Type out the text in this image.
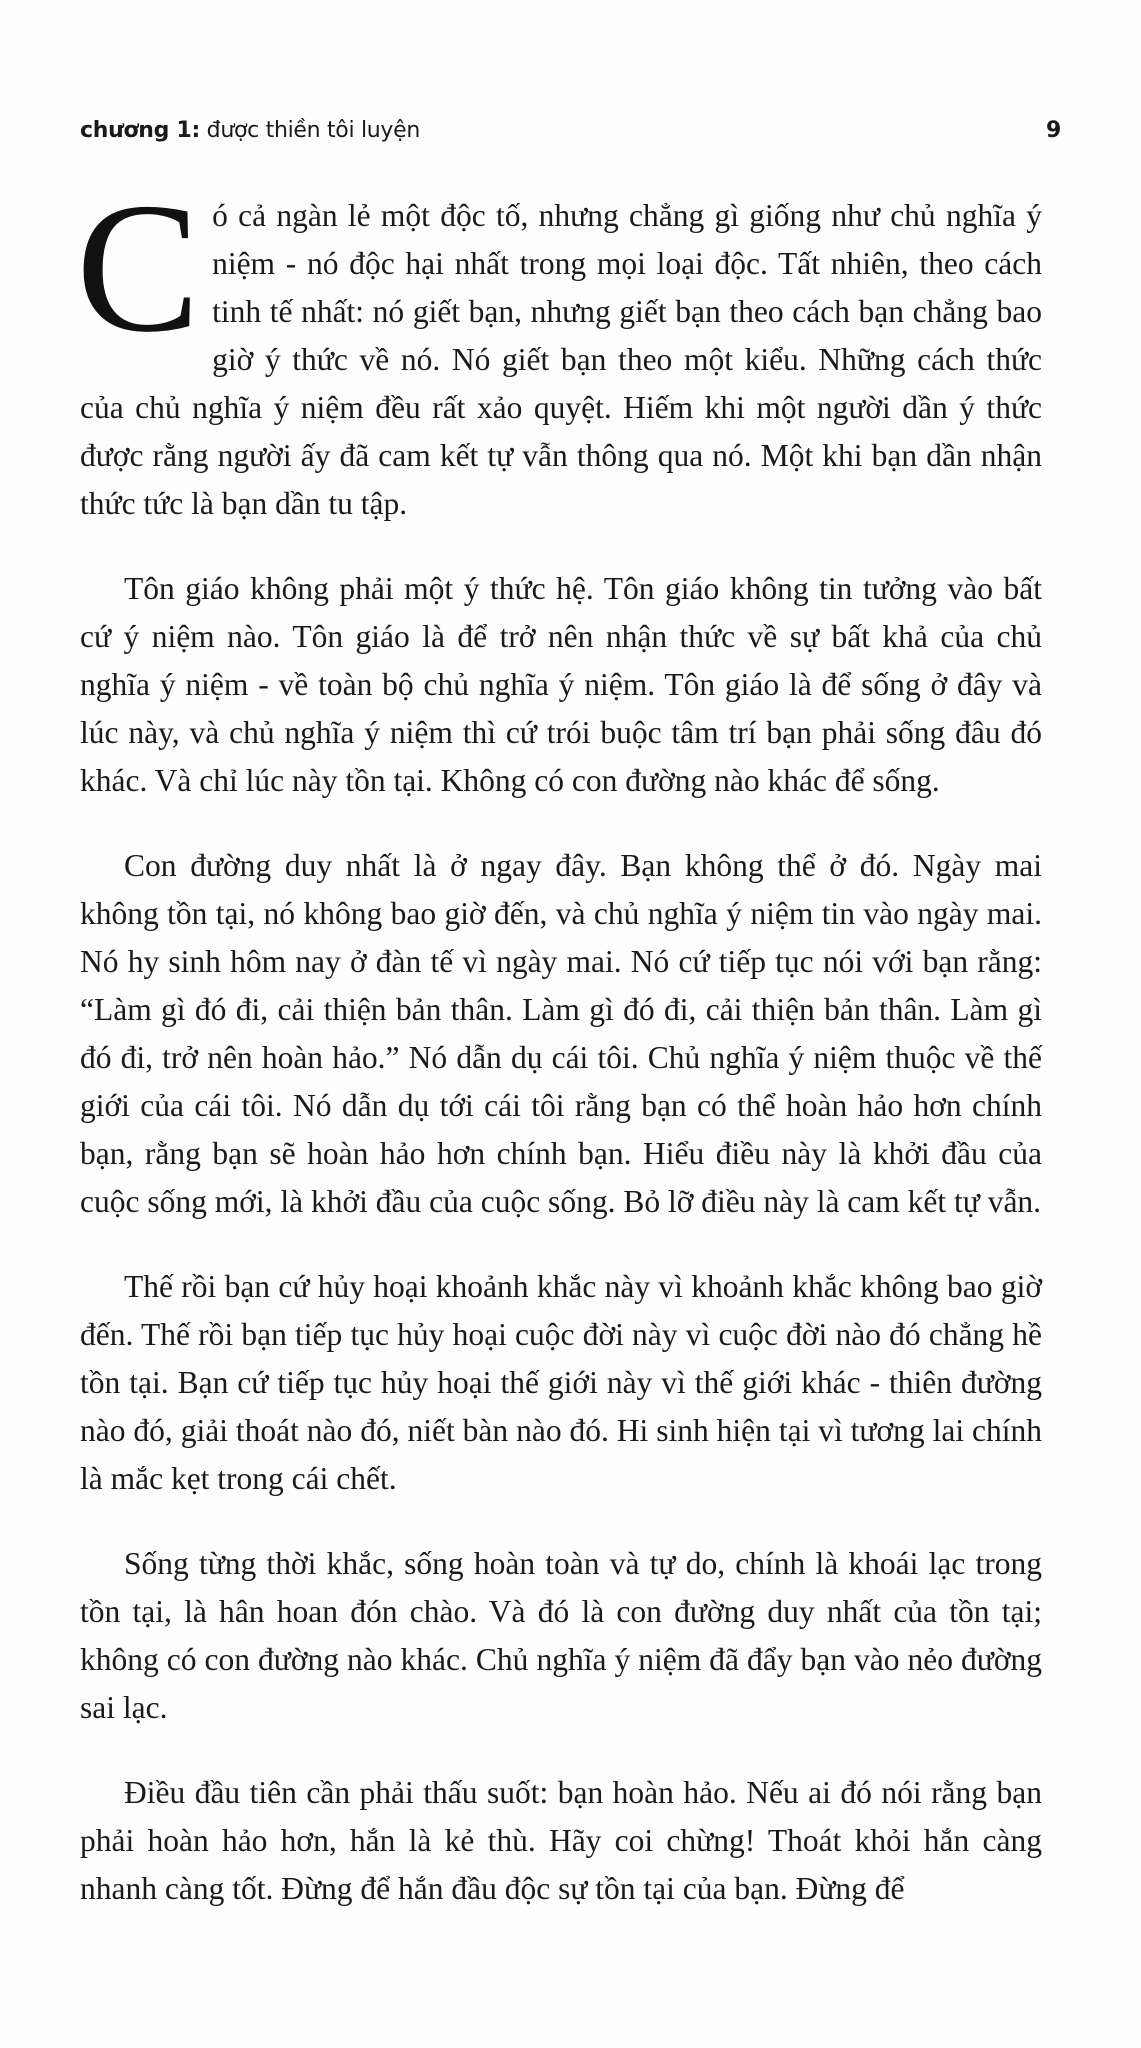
chương 1: được thiền tôi luyện	9

Có cả ngàn lẻ một độc tố, nhưng chẳng gì giống như chủ nghĩa ý niệm - nó độc hại nhất trong mọi loại độc. Tất nhiên, theo cách tinh tế nhất: nó giết bạn, nhưng giết bạn theo cách bạn chẳng bao giờ ý thức về nó. Nó giết bạn theo một kiểu. Những cách thức của chủ nghĩa ý niệm đều rất xảo quyệt. Hiếm khi một người dần ý thức được rằng người ấy đã cam kết tự vẫn thông qua nó. Một khi bạn dần nhận thức tức là bạn dần tu tập.

Tôn giáo không phải một ý thức hệ. Tôn giáo không tin tưởng vào bất cứ ý niệm nào. Tôn giáo là để trở nên nhận thức về sự bất khả của chủ nghĩa ý niệm - về toàn bộ chủ nghĩa ý niệm. Tôn giáo là để sống ở đây và lúc này, và chủ nghĩa ý niệm thì cứ trói buộc tâm trí bạn phải sống đâu đó khác. Và chỉ lúc này tồn tại. Không có con đường nào khác để sống.

Con đường duy nhất là ở ngay đây. Bạn không thể ở đó. Ngày mai không tồn tại, nó không bao giờ đến, và chủ nghĩa ý niệm tin vào ngày mai. Nó hy sinh hôm nay ở đàn tế vì ngày mai. Nó cứ tiếp tục nói với bạn rằng: “Làm gì đó đi, cải thiện bản thân. Làm gì đó đi, cải thiện bản thân. Làm gì đó đi, trở nên hoàn hảo.” Nó dẫn dụ cái tôi. Chủ nghĩa ý niệm thuộc về thế giới của cái tôi. Nó dẫn dụ tới cái tôi rằng bạn có thể hoàn hảo hơn chính bạn, rằng bạn sẽ hoàn hảo hơn chính bạn. Hiểu điều này là khởi đầu của cuộc sống mới, là khởi đầu của cuộc sống. Bỏ lỡ điều này là cam kết tự vẫn.

Thế rồi bạn cứ hủy hoại khoảnh khắc này vì khoảnh khắc không bao giờ đến. Thế rồi bạn tiếp tục hủy hoại cuộc đời này vì cuộc đời nào đó chẳng hề tồn tại. Bạn cứ tiếp tục hủy hoại thế giới này vì thế giới khác - thiên đường nào đó, giải thoát nào đó, niết bàn nào đó. Hi sinh hiện tại vì tương lai chính là mắc kẹt trong cái chết.

Sống từng thời khắc, sống hoàn toàn và tự do, chính là khoái lạc trong tồn tại, là hân hoan đón chào. Và đó là con đường duy nhất của tồn tại; không có con đường nào khác. Chủ nghĩa ý niệm đã đẩy bạn vào nẻo đường sai lạc.

Điều đầu tiên cần phải thấu suốt: bạn hoàn hảo. Nếu ai đó nói rằng bạn phải hoàn hảo hơn, hắn là kẻ thù. Hãy coi chừng! Thoát khỏi hắn càng nhanh càng tốt. Đừng để hắn đầu độc sự tồn tại của bạn. Đừng để
